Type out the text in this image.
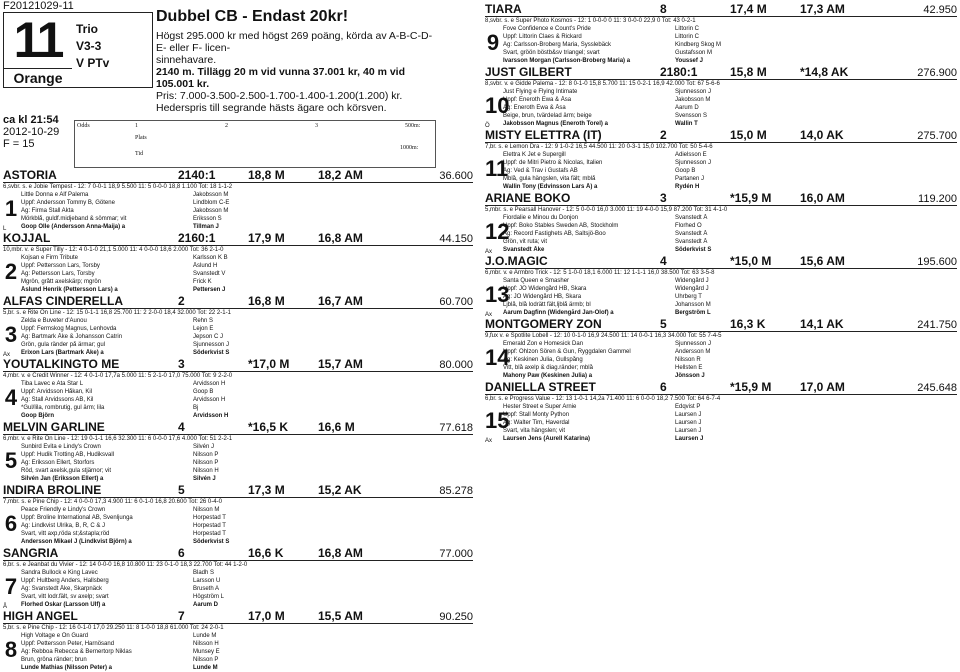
F20121029-11
11
Orange
Trio
V3-3
V PTv
Dubbel CB - Endast 20kr!
Högst 295.000 kr med högst 269 poäng, körda av A-B-C-D-E- eller F- licen-
sinnehavare.
2140 m. Tillägg 20 m vid vunna 37.001 kr, 40 m vid 105.001 kr.
Pris: 7.000-3.500-2.500-1.700-1.400-1.200(1.200) kr.
Hederspris till segrande hästs ägare och körsven.
ca kl 21:54
2012-10-29
F = 15
Odds
Plats
Tid
1	2	3	500m:
1000m:
ASTORIA	2140:1	18,8 M	18,2 AM	36.600
6,svbr. s. e Jobie Tempest - 12: 7 0-0-1 18,9 5.500 11: 5 0-0-0 18,8 1.100 Tot: 18 1-1-2
1
L
Little Donna e Alf Palema	Jakobsson M
Uppf: Andersson Tommy B, Götene	Lindblom C-E
Äg: Firma Stall Akta	Jakobsson M
Mörkblå, guldf.midjeband & sömmar; vit	Eriksson S
Goop Olle (Andersson Anna-Maija) a	Tillman J
KOJJAL	2160:1	17,9 M	16,8 AM	44.150
10,mbr. v. e Super Tilly - 12: 4 0-1-0 21,1 5.000 11: 4 0-0-0 18,6 2.000 Tot: 36 2-1-0
2
Kojsan e Firm Tribute	Karlsson K B
Uppf: Pettersson Lars, Torsby	Åslund H
Äg: Pettersson Lars, Torsby	Svanstedt V
Mgrön, grått axelskärp; mgrön	Frick K
Åslund Henrik (Pettersson Lars) a	Pettersen J
ALFAS CINDERELLA	2	16,8 M	16,7 AM	60.700
5,br. s. e Rite On Line - 12: 15 0-1-1 16,8 25.700 11: 2 2-0-0 18,4 32.000 Tot: 22 2-1-1
3
Ax
Zelda e Buveter d'Aunou	Rehn S
Uppf: Fermskog Magnus, Lenhovda	Lejon E
Äg: Bartmark Åke & Johansson Catrin	Jepson C J
Grön, gula ränder på ärmar; gul	Sjunnesson J
Erixon Lars (Bartmark Åke) a	Söderkvist S
YOUTALKINGTO ME	3	*17,0 M	15,7 AM	80.000
4,mbr. v. e Credit Winner - 12: 4 0-1-0 17,7a 5.000 11: 5 2-1-0 17,0 75.000 Tot: 9 2-2-0
4
Tiba Lavec e Ata Star L	Arvidsson H
Uppf: Arvidsson Håkan, Kil	Goop B
Äg: Stall Arvidssons AB, Kil	Arvidsson H
*Gul/lila, rombrutig, gul ärm; lila	Bj
Goop Björn	Arvidsson H
MELVIN GARLINE	4	*16,5 K	16,6 M	77.618
6,mbr. v. e Rite On Line - 12: 19 0-1-1 16,6 32.300 11: 6 0-0-0 17,6 4.000 Tot: 51 2-2-1
5
Sunbird Evita e Lindy's Crown	Silvén J
Uppf: Hudik Trotting AB, Hudiksvall	Nilsson P
Äg: Eriksson Ellert, Storfors	Nilsson P
Röd, svart axelsk,gula stjärnor; vit	Nilsson H
Silvén Jan (Eriksson Ellert) a	Silvén J
INDIRA BROLINE	5	17,3 M	15,2 AK	85.278
7,mbr. s. e Pine Chip - 12: 4 0-0-0 17,3 4.900 11: 6 0-1-0 16,8 20.600 Tot: 26 0-4-0
6
Peace Friendly e Lindy's Crown	Nilsson M
Uppf: Broline International AB, Svenljunga	Horpestad T
Äg: Lindkvist Ulrika, B, R, C & J	Horpestad T
Svart, vitt axp,röda st;&stapla;röd	Horpestad T
Andersson Mikael J (Lindkvist Björn) a	Söderkvist S
SANGRIA	6	16,6 K	16,8 AM	77.000
6,br. s. e Jeanbat du Vivier - 12: 14 0-0-0 16,8 10.800 11: 23 0-1-0 18,3 22.700 Tot: 44 1-2-0
7
Å
Sandra Bullock e King Lavec	Bladh S
Uppf: Hultberg Anders, Hallsberg	Larsson U
Äg: Svanstedt Åke, Skarpnäck	Bruseth A
Svart, vitt lodr.fält, sv axelp; svart	Högström L
Florhed Oskar (Larsson Ulf) a	Aarum D
HIGH ANGEL	7	17,0 M	15,5 AM	90.250
5,br. s. e Pine Chip - 12: 16 0-1-0 17,0 29.250 11: 8 1-0-0 18,8 61.000 Tot: 24 2-0-1
8
High Voltage e On Guard	Lunde M
Uppf: Pettersson Peter, Harnösand	Nilsson H
Äg: Rebboa Rebecca & Bernertorp Niklas	Munsey E
Brun, gröna ränder; brun	Nilsson P
Lunde Mathias (Nilsson Peter) a	Lunde M
TIARA	8	17,4 M	17,3 AM	42.950
8,svbr. s. e Super Photo Kosmos - 12: 1 0-0-0 0 11: 3 0-0-0 22,9 0 Tot: 43 0-2-1
9
Fove Confidence e Count's Pride	Littorin C
Uppf: Littorin Claes & Rickard	Littorin C
Äg: Carlsson-Broberg Maria, Sysslebäck	Kindberg Skog M
Svart, gröön böstb&sv triangel; svart	Gustafsson M
Ivarsson Morgan (Carlsson-Broberg Maria) a	Youssef J
JUST GILBERT	2180:1	15,8 M	*14,8 AK	276.900
8,svbr. v. e Gidde Palema - 12: 8 0-1-0 15,8 5.700 11: 15 0-2-1 16,9 42.000 Tot: 67 5-6-6
10
Ö
Just Flying e Flying Intimate	Sjunnesson J
Uppf: Eneroth Ewa & Åsa	Jakobsson M
Äg: Eneroth Ewa & Åsa	Aarum D
Beige, brun, tvärdelad ärm; beige	Svensson S
Jakobsson Magnus (Eneroth Torel) a	Wallin T
MISTY ELETTRA (IT)	2	15,0 M	14,0 AK	275.700
7,br. s. e Lemon Dra - 12: 9 1-0-2 16,5 44.500 11: 20 0-3-1 15,0 102.700 Tot: 50 5-4-6
11
Elettra K Jet e Supergill	Adielsson E
Uppf: de Mitri Pietro & Nicolas, Italien	Sjunnesson J
Äg: Ved & Trav i Gustafs AB	Goop B
Mblå, gula hängslen, vita fält; mblå	Partanen J
Wallin Tony (Edvinsson Lars Å) a	Rydén H
ARIANE BOKO	3	*15,9 M	16,0 AM	119.200
5,mbr. s. e Pearsall Hanover - 12: 5 0-0-0 16,0 3.000 11: 19 4-0-0 15,9 87.200 Tot: 31 4-1-0
12
Ax
Fiordalie e Minou du Donjon	Svanstedt Å
Uppf: Boko Stables Sweden AB, Stockholm	Florhed O
Äg: Record Fastighets AB, Saltsjö-Boo	Svanstedt Å
Grön, vit ruta; vit	Svanstedt Å
Svanstedt Åke	Söderkvist S
J.O.MAGIC	4	*15,0 M	15,6 AM	195.600
6,mbr. v. e Armbro Trick - 12: 5 1-0-0 18,1 6.000 11: 12 1-1-1 16,0 38.500 Tot: 63 3-5-8
13
Ax
Santa Queen e Smasher	Widengård J
Uppf: JO Widengård HB, Skara	Widengård J
Äg: JO Widengård HB, Skara	Uhrberg T
Ljblå, blå lodrätt fält,ljblå ärmb; bl	Johansson M
Aarum Dagfinn (Widengård Jan-Olof) a	Bergström L
MONTGOMERY ZON	5	16,3 K	14,1 AK	241.750
9,fux v. e Spotlite Lobell - 12: 10 0-1-0 16,9 24.500 11: 14 0-0-1 16,3 34.000 Tot: 55 7-4-5
14
Emerald Zon e Homesick Dan	Sjunnesson J
Uppf: Ohlzon Sören & Gun, Ryggdalen Gammel	Andersson M
Äg: Keskinen Julia, Gullspång	Nilsson R
Vitt, blå axelp & diag.ränder; mblå	Hellsten E
Mahony Paw (Keskinen Julia) a	Jönsson J
DANIELLA STREET	6	*15,9 M	17,0 AM	245.648
6,br. s. e Progress Value - 12: 13 1-0-1 14,2a 71.400 11: 6 0-0-0 18,2 7.500 Tot: 64 6-7-4
15
Ax
Hester Street e Super Arnie	Edqvist P
Uppf: Stall Monty Python	Laursen J
Äg: Walter Tim, Haverdal	Laursen J
Svart, vita hängslen; vit	Laursen J
Laursen Jens (Aurell Katarina)	Laursen J
